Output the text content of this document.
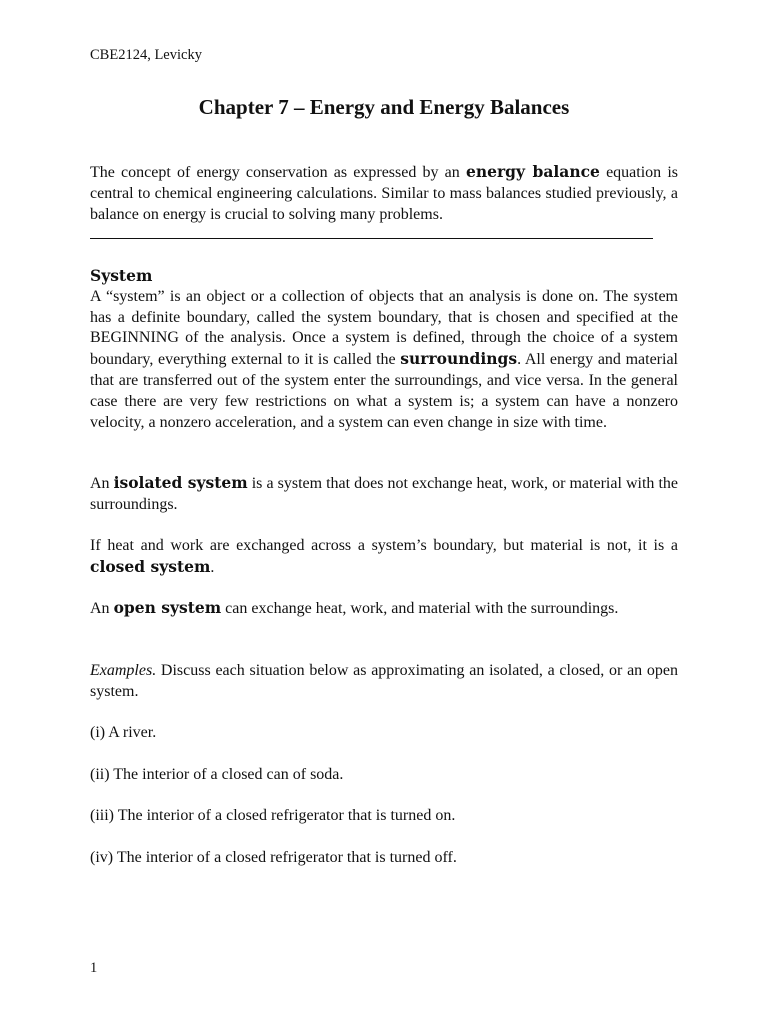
CBE2124, Levicky
Chapter 7 – Energy and Energy Balances
The concept of energy conservation as expressed by an energy balance equation is central to chemical engineering calculations. Similar to mass balances studied previously, a balance on energy is crucial to solving many problems.
System
A “system” is an object or a collection of objects that an analysis is done on. The system has a definite boundary, called the system boundary, that is chosen and specified at the BEGINNING of the analysis. Once a system is defined, through the choice of a system boundary, everything external to it is called the surroundings. All energy and material that are transferred out of the system enter the surroundings, and vice versa. In the general case there are very few restrictions on what a system is; a system can have a nonzero velocity, a nonzero acceleration, and a system can even change in size with time.
An isolated system is a system that does not exchange heat, work, or material with the surroundings.
If heat and work are exchanged across a system’s boundary, but material is not, it is a closed system.
An open system can exchange heat, work, and material with the surroundings.
Examples. Discuss each situation below as approximating an isolated, a closed, or an open system.
(i) A river.
(ii) The interior of a closed can of soda.
(iii) The interior of a closed refrigerator that is turned on.
(iv) The interior of a closed refrigerator that is turned off.
1
